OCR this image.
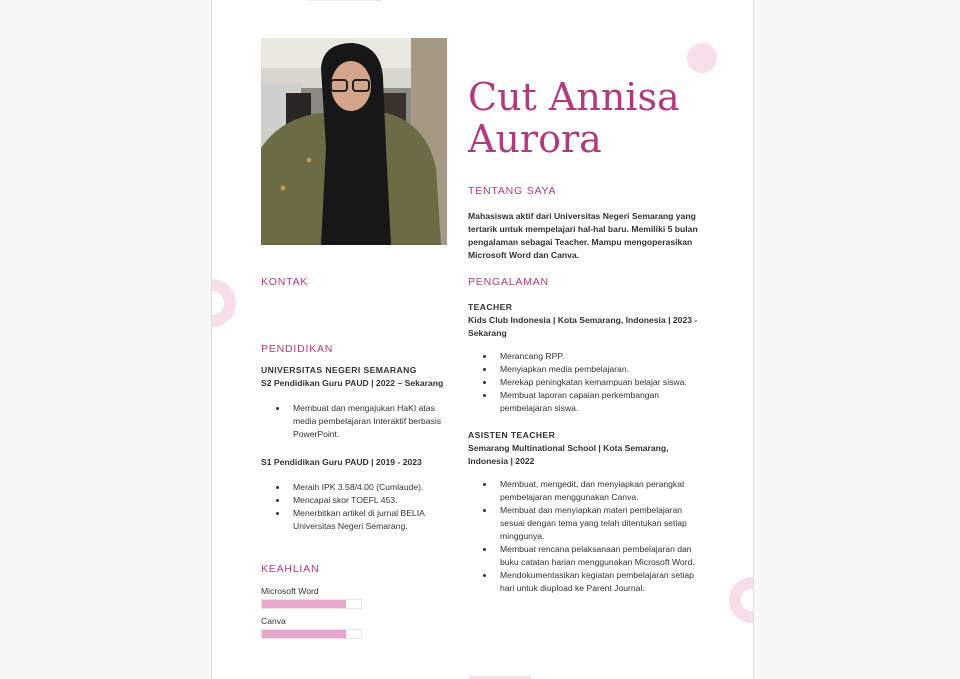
Cut Annisa
Aurora
TENTANG SAYA
Mahasiswa aktif dari Universitas Negeri Semarang yang tertarik untuk mempelajari hal-hal baru. Memiliki 5 bulan pengalaman sebagai Teacher. Mampu mengoperasikan Microsoft Word dan Canva.
KONTAK
PENDIDIKAN
UNIVERSITAS NEGERI SEMARANG
S2 Pendidikan Guru PAUD | 2022 – Sekarang
Membuat dan mengajukan HaKI atas media pembelajaran Interaktif berbasis PowerPoint.
S1 Pendidikan Guru PAUD | 2019 - 2023
Meraih IPK 3.58/4.00 (Cumlaude).
Mencapai skor TOEFL 453.
Menerbitkan artikel di jurnal BELIA Universitas Negeri Semarang.
KEAHLIAN
Microsoft Word
Canva
PENGALAMAN
TEACHER
Kids Club Indonesia | Kota Semarang, Indonesia | 2023 - Sekarang
Merancang RPP.
Menyiapkan media pembelajaran.
Merekap peningkatan kemampuan belajar siswa.
Membuat laporan capaian perkembangan pembelajaran siswa.
ASISTEN TEACHER
Semarang Multinational School | Kota Semarang, Indonesia | 2022
Membuat, mengedit, dan menyiapkan perangkat pembelajaran menggunakan Canva.
Membuat dan menyiapkan materi pembelajaran sesuai dengan tema yang telah ditentukan setiap minggunya.
Membuat rencana pelaksanaan pembelajaran dan buku catatan harian menggunakan Microsoft Word.
Mendokumentasikan kegiatan pembelajaran setiap hari untuk diupload ke Parent Journal.
